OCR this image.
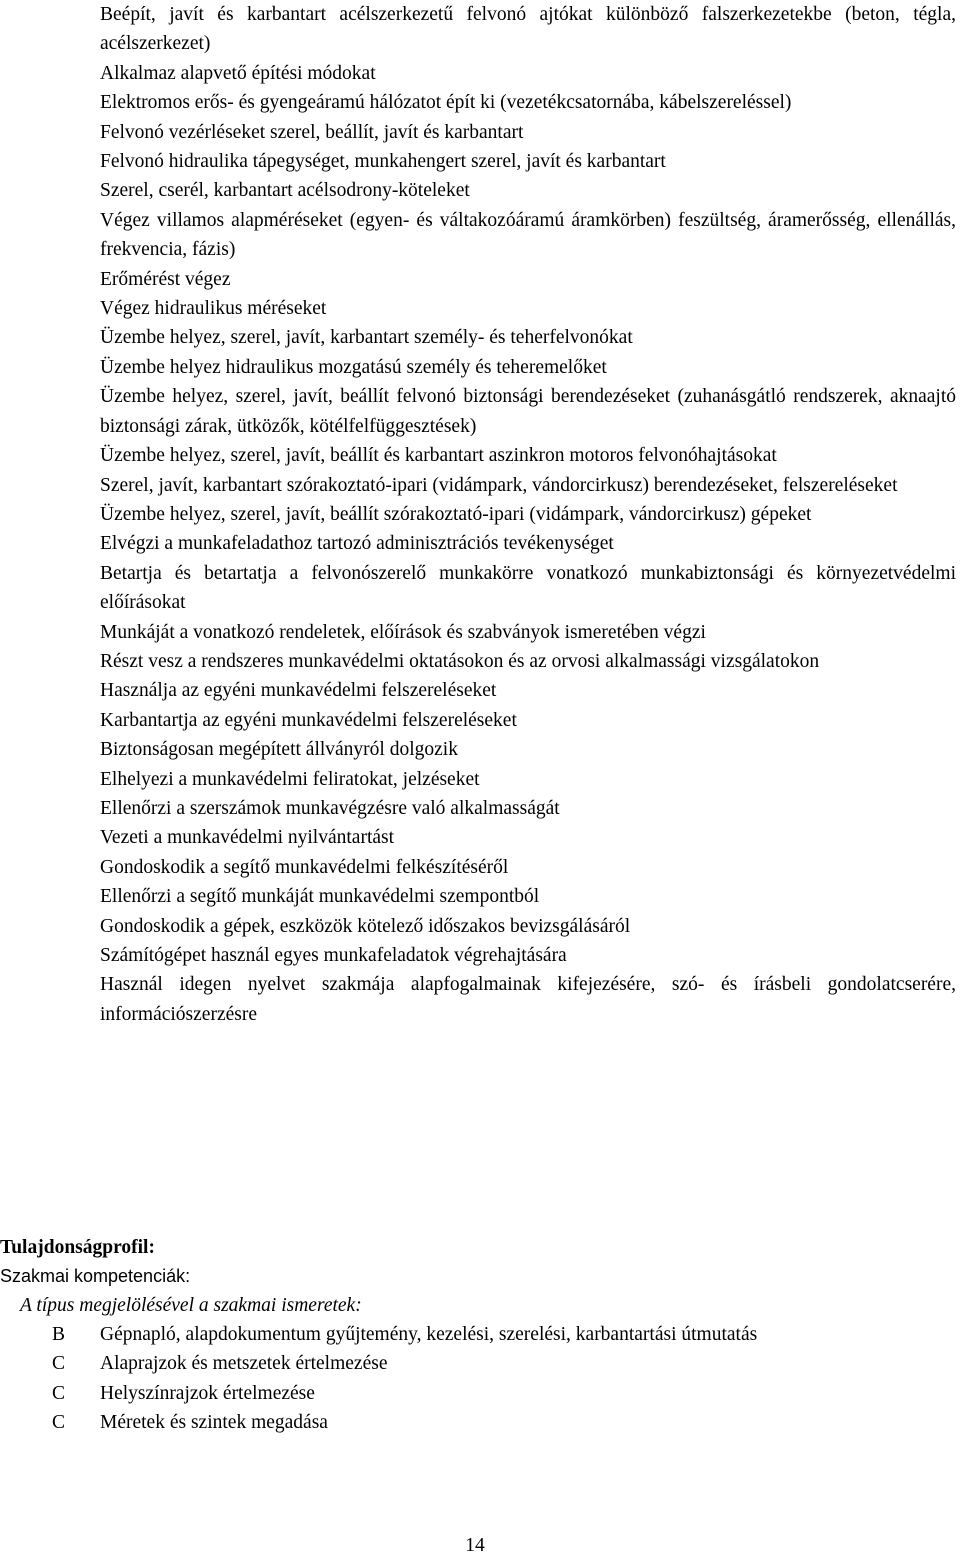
Beépít, javít és karbantart acélszerkezetű felvonó ajtókat különböző falszerkezetekbe (beton, tégla, acélszerkezet)
Alkalmaz alapvető építési módokat
Elektromos erős- és gyengeáramú hálózatot épít ki (vezetékcsatornába, kábelszereléssel)
Felvonó vezérléseket szerel, beállít, javít és karbantart
Felvonó hidraulika tápegységet, munkahengert szerel, javít és karbantart
Szerel, cserél, karbantart acélsodrony-köteleket
Végez villamos alapméréseket (egyen- és váltakozóáramú áramkörben) feszültség, áramerősség, ellenállás, frekvencia, fázis)
Erőmérést végez
Végez hidraulikus méréseket
Üzembe helyez, szerel, javít, karbantart személy- és teherfelvonókat
Üzembe helyez hidraulikus mozgatású személy és teheremelőket
Üzembe helyez, szerel, javít, beállít felvonó biztonsági berendezéseket (zuhanásgátló rendszerek, aknaajtó biztonsági zárak, ütközők, kötélfelfüggesztések)
Üzembe helyez, szerel, javít, beállít és karbantart aszinkron motoros felvonóhajtásokat
Szerel, javít, karbantart szórakoztató-ipari (vidámpark, vándorcirkusz) berendezéseket, felszereléseket
Üzembe helyez, szerel, javít, beállít szórakoztató-ipari (vidámpark, vándorcirkusz) gépeket
Elvégzi a munkafeladathoz tartozó adminisztrációs tevékenységet
Betartja és betartatja a felvonószerelő munkakörre vonatkozó munkabiztonsági és környezetvédelmi előírásokat
Munkáját a vonatkozó rendeletek, előírások és szabványok ismeretében végzi
Részt vesz a rendszeres munkavédelmi oktatásokon és az orvosi alkalmassági vizsgálatokon
Használja az egyéni munkavédelmi felszereléseket
Karbantartja az egyéni munkavédelmi felszereléseket
Biztonságosan megépített állványról dolgozik
Elhelyezi a munkavédelmi feliratokat, jelzéseket
Ellenőrzi a szerszámok munkavégzésre való alkalmasságát
Vezeti a munkavédelmi nyilvántartást
Gondoskodik a segítő munkavédelmi felkészítéséről
Ellenőrzi a segítő munkáját munkavédelmi szempontból
Gondoskodik a gépek, eszközök kötelező időszakos bevizsgálásáról
Számítógépet használ egyes munkafeladatok végrehajtására
Használ idegen nyelvet szakmája alapfogalmainak kifejezésére, szó- és írásbeli gondolatcserére, információszerzésre
Tulajdonságprofil:
Szakmai kompetenciák:
A típus megjelölésével a szakmai ismeretek:
B	Gépnapló, alapdokumentum gyűjtemény, kezelési, szerelési, karbantartási útmutatás
C	Alaprajzok és metszetek értelmezése
C	Helyszínrajzok értelmezése
C	Méretek és szintek megadása
14
